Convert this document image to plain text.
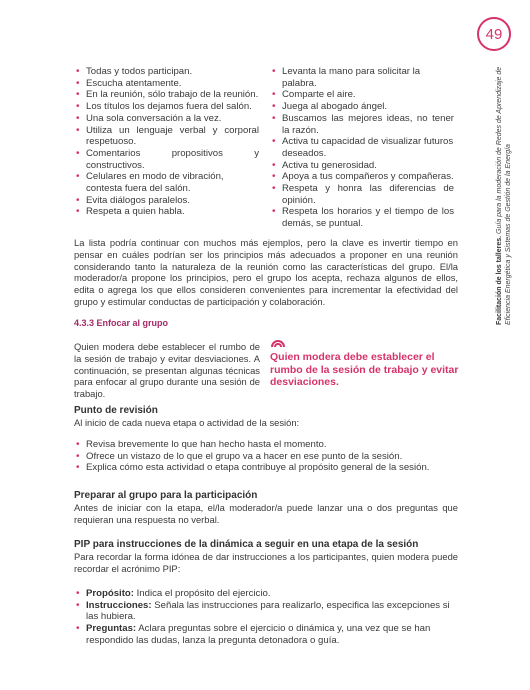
49
Facilitación de los talleres. Guía para la moderación de Redes de Aprendizaje de Eficiencia Energética y Sistemas de Gestión de la Energía
• Todas y todos participan.
• Escucha atentamente.
• En la reunión, sólo trabajo de la reunión.
• Los títulos los dejamos fuera del salón.
• Una sola conversación a la vez.
• Utiliza un lenguaje verbal y corporal respetuoso.
• Comentarios propositivos y constructivos.
• Celulares en modo de vibración, contesta fuera del salón.
• Evita diálogos paralelos.
• Respeta a quien habla.
• Levanta la mano para solicitar la palabra.
• Comparte el aire.
• Juega al abogado ángel.
• Buscamos las mejores ideas, no tener la razón.
• Activa tu capacidad de visualizar futuros deseados.
• Activa tu generosidad.
• Apoya a tus compañeros y compañeras.
• Respeta y honra las diferencias de opinión.
• Respeta los horarios y el tiempo de los demás, se puntual.
La lista podría continuar con muchos más ejemplos, pero la clave es invertir tiempo en pensar en cuáles podrían ser los principios más adecuados a proponer en una reunión considerando tanto la naturaleza de la reunión como las características del grupo. El/la moderador/a propone los principios, pero el grupo los acepta, rechaza algunos de ellos, edita o agrega los que ellos consideren convenientes para incrementar la efectividad del grupo y estimular conductas de participación y colaboración.
4.3.3 Enfocar al grupo
Quien modera debe establecer el rumbo de la sesión de trabajo y evitar desviaciones. A continuación, se presentan algunas técnicas para enfocar al grupo durante una sesión de trabajo.
Quien modera debe establecer el rumbo de la sesión de trabajo y evitar desviaciones.
Punto de revisión
Al inicio de cada nueva etapa o actividad de la sesión:
• Revisa brevemente lo que han hecho hasta el momento.
• Ofrece un vistazo de lo que el grupo va a hacer en ese punto de la sesión.
• Explica cómo esta actividad o etapa contribuye al propósito general de la sesión.
Preparar al grupo para la participación
Antes de iniciar con la etapa, el/la moderador/a puede lanzar una o dos preguntas que requieran una respuesta no verbal.
PIP para instrucciones de la dinámica a seguir en una etapa de la sesión
Para recordar la forma idónea de dar instrucciones a los participantes, quien modera puede recordar el acrónimo PIP:
• Propósito: Indica el propósito del ejercicio.
• Instrucciones: Señala las instrucciones para realizarlo, especifica las excepciones si las hubiera.
• Preguntas: Aclara preguntas sobre el ejercicio o dinámica y, una vez que se han respondido las dudas, lanza la pregunta detonadora o guía.
